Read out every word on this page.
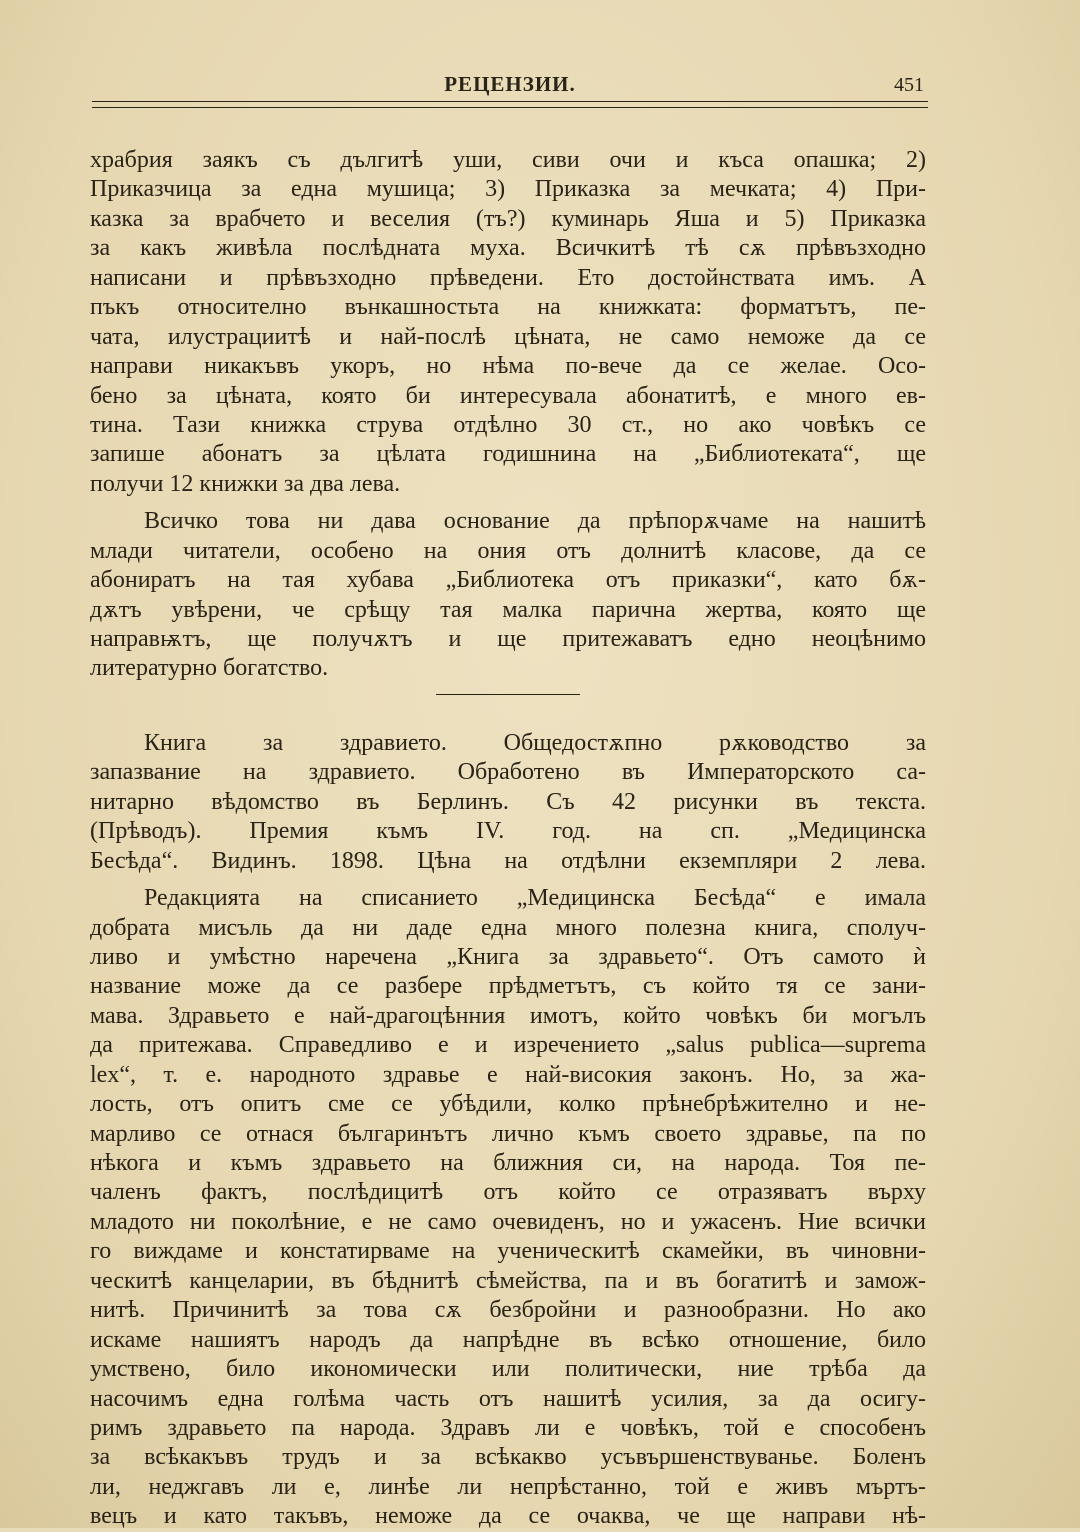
РЕЦЕНЗИИ.	451
храбрия заякъ съ дългитѣ уши, сиви очи и къса опашка; 2)
Приказчица за една мушица; 3) Приказка за мечката; 4) При-
казка за врабчето и веселия (тъ?) куминарь Яша и 5) Приказка
за какъ живѣла послѣдната муха. Всичкитѣ тѣ сѫ прѣвъзходно
написани и прѣвъзходно прѣведени. Ето достойнствата имъ. А
пъкъ относително вънкашностьта на книжката: форматътъ, пе-
чата, илустрациитѣ и най-послѣ цѣната, не само неможе да се
направи никакъвъ укоръ, но нѣма по-вече да се желае. Осо-
бено за цѣната, която би интересувала абонатитѣ, е много ев-
тина. Тази книжка струва отдѣлно 30 ст., но ако човѣкъ се
запише абонатъ за цѣлата годишнина на „Библиотеката“, ще
получи 12 книжки за два лева.
Всичко това ни дава основание да прѣпорѫчаме на нашитѣ
млади читатели, особено на ония отъ долнитѣ класове, да се
абониратъ на тая хубава „Библиотека отъ приказки“, като бѫ-
дѫтъ увѣрени, че срѣщу тая малка парична жертва, която ще
направѭтъ, ще получѫтъ и ще притежаватъ едно неоцѣнимо
литературно богатство.
Книга за здравието. Общедостѫпно рѫководство за
запазвание на здравието. Обработено въ Императорското са-
нитарно вѣдомство въ Берлинъ. Съ 42 рисунки въ текста.
(Прѣводъ). Премия къмъ IV. год. на сп. „Медицинска
Бесѣда“. Видинъ. 1898. Цѣна на отдѣлни екземпляри 2 лева.
Редакцията на списанието „Медицинска Бесѣда“ е имала
добрата мисъль да ни даде една много полезна книга, сполуч-
ливо и умѣстно наречена „Книга за здравьето“. Отъ самото ѝ
название може да се разбере прѣдметътъ, съ който тя се зани-
мава. Здравьето е най-драгоцѣнния имотъ, който човѣкъ би могълъ
да притежава. Справедливо е и изречението „salus publica—suprema
lex“, т. е. народното здравье е най-високия законъ. Но, за жа-
лость, отъ опитъ сме се убѣдили, колко прѣнебрѣжително и не-
марливо се отнася българинътъ лично къмъ своето здравье, па по
нѣкога и къмъ здравьето на ближния си, на народа. Тоя пе-
чаленъ фактъ, послѣдицитѣ отъ който се отразяватъ върху
младото ни поколѣние, е не само очевиденъ, но и ужасенъ. Ние всички
го виждаме и констатирваме на ученическитѣ скамейки, въ чиновни-
ческитѣ канцеларии, въ бѣднитѣ сѣмейства, па и въ богатитѣ и замож-
нитѣ. Причинитѣ за това сѫ безбройни и разнообразни. Но ако
искаме нашиятъ народъ да напрѣдне въ всѣко отношение, било
умствено, било икономически или политически, ние трѣба да
насочимъ една голѣма часть отъ нашитѣ усилия, за да осигу-
римъ здравьето па народа. Здравъ ли е човѣкъ, той е способенъ
за всѣкакъвъ трудъ и за всѣкакво усъвършенствуванье. Боленъ
ли, неджгавъ ли е, линѣе ли непрѣстанно, той е живъ мъртъ-
вецъ и като такъвъ, неможе да се очаква, че ще направи нѣ-
